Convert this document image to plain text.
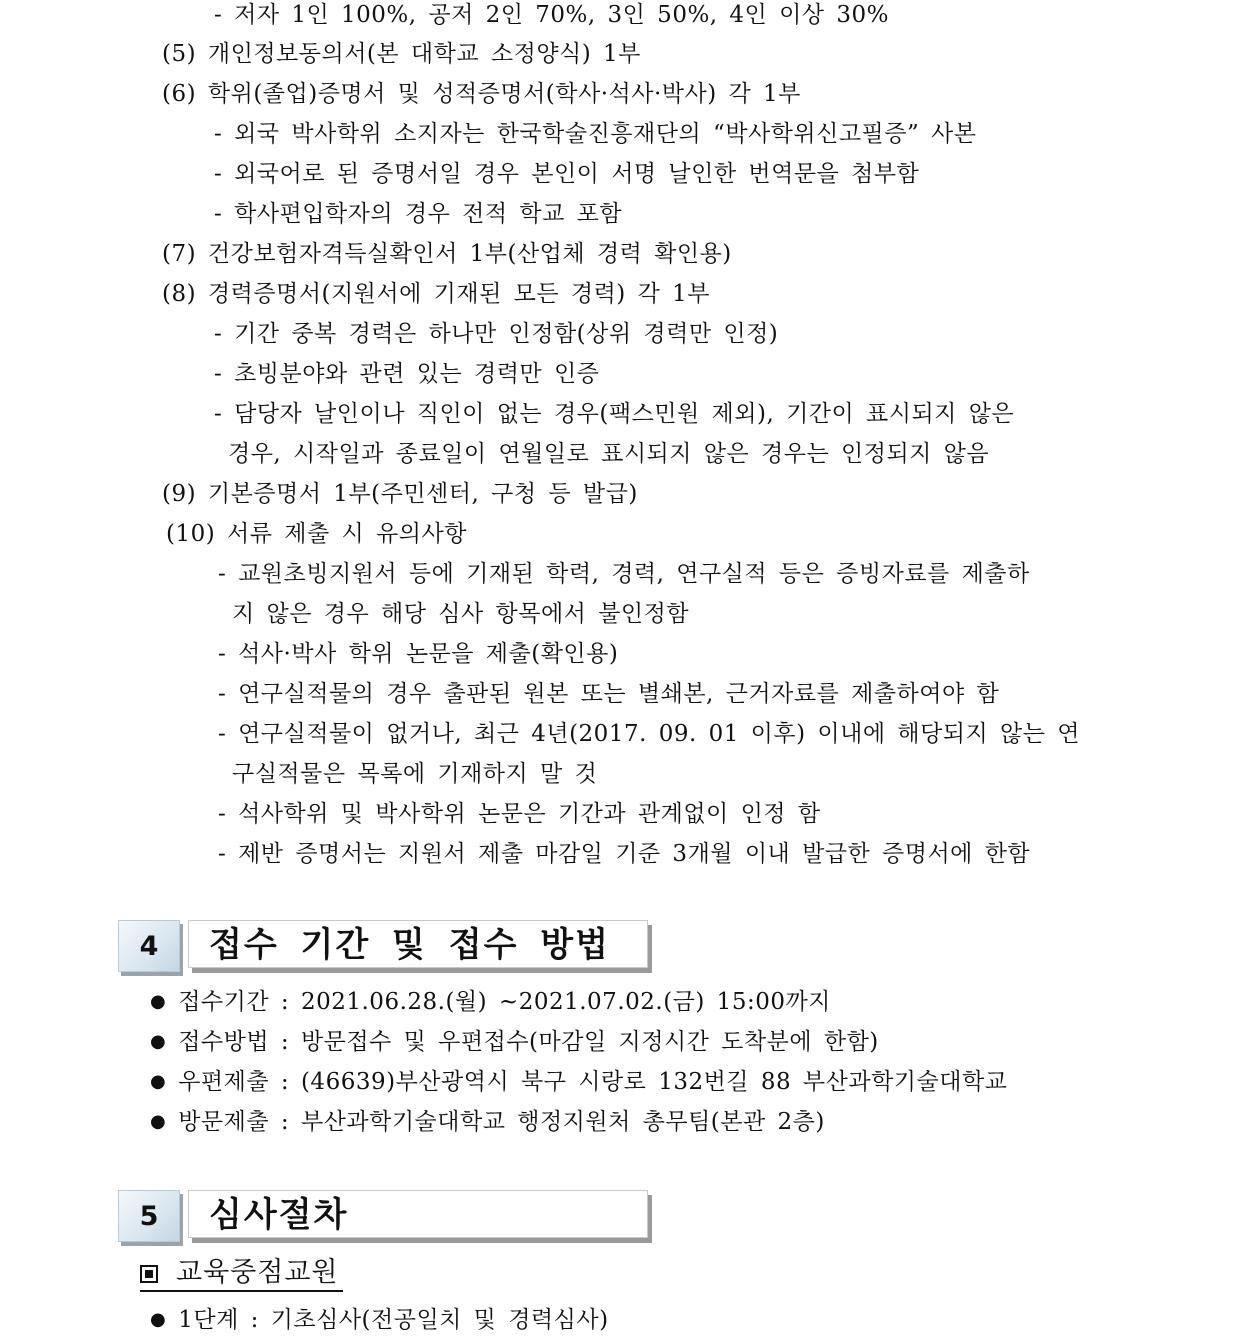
- 저자 1인 100%, 공저 2인 70%, 3인 50%, 4인 이상 30%
(5) 개인정보동의서(본 대학교 소정양식) 1부
(6) 학위(졸업)증명서 및 성적증명서(학사·석사·박사) 각 1부
- 외국 박사학위 소지자는 한국학술진흥재단의 “박사학위신고필증” 사본
- 외국어로 된 증명서일 경우 본인이 서명 날인한 번역문을 첨부함
- 학사편입학자의 경우 전적 학교 포함
(7) 건강보험자격득실확인서 1부(산업체 경력 확인용)
(8) 경력증명서(지원서에 기재된 모든 경력) 각 1부
- 기간 중복 경력은 하나만 인정함(상위 경력만 인정)
- 초빙분야와 관련 있는 경력만 인증
- 담당자 날인이나 직인이 없는 경우(팩스민원 제외), 기간이 표시되지 않은
경우, 시작일과 종료일이 연월일로 표시되지 않은 경우는 인정되지 않음
(9) 기본증명서 1부(주민센터, 구청 등 발급)
(10) 서류 제출 시 유의사항
- 교원초빙지원서 등에 기재된 학력, 경력, 연구실적 등은 증빙자료를 제출하
지 않은 경우 해당 심사 항목에서 불인정함
- 석사·박사 학위 논문을 제출(확인용)
- 연구실적물의 경우 출판된 원본 또는 별쇄본, 근거자료를 제출하여야 함
- 연구실적물이 없거나, 최근 4년(2017. 09. 01 이후) 이내에 해당되지 않는 연
구실적물은 목록에 기재하지 말 것
- 석사학위 및 박사학위 논문은 기간과 관계없이 인정 함
- 제반 증명서는 지원서 제출 마감일 기준 3개월 이내 발급한 증명서에 한함
4	접수 기간 및 접수 방법
● 접수기간 : 2021.06.28.(월) ~2021.07.02.(금) 15:00까지
● 접수방법 : 방문접수 및 우편접수(마감일 지정시간 도착분에 한함)
● 우편제출 : (46639)부산광역시 북구 시랑로 132번길 88 부산과학기술대학교
● 방문제출 : 부산과학기술대학교 행정지원처 총무팀(본관 2층)
5	심사절차
교육중점교원
● 1단계 : 기초심사(전공일치 및 경력심사)
